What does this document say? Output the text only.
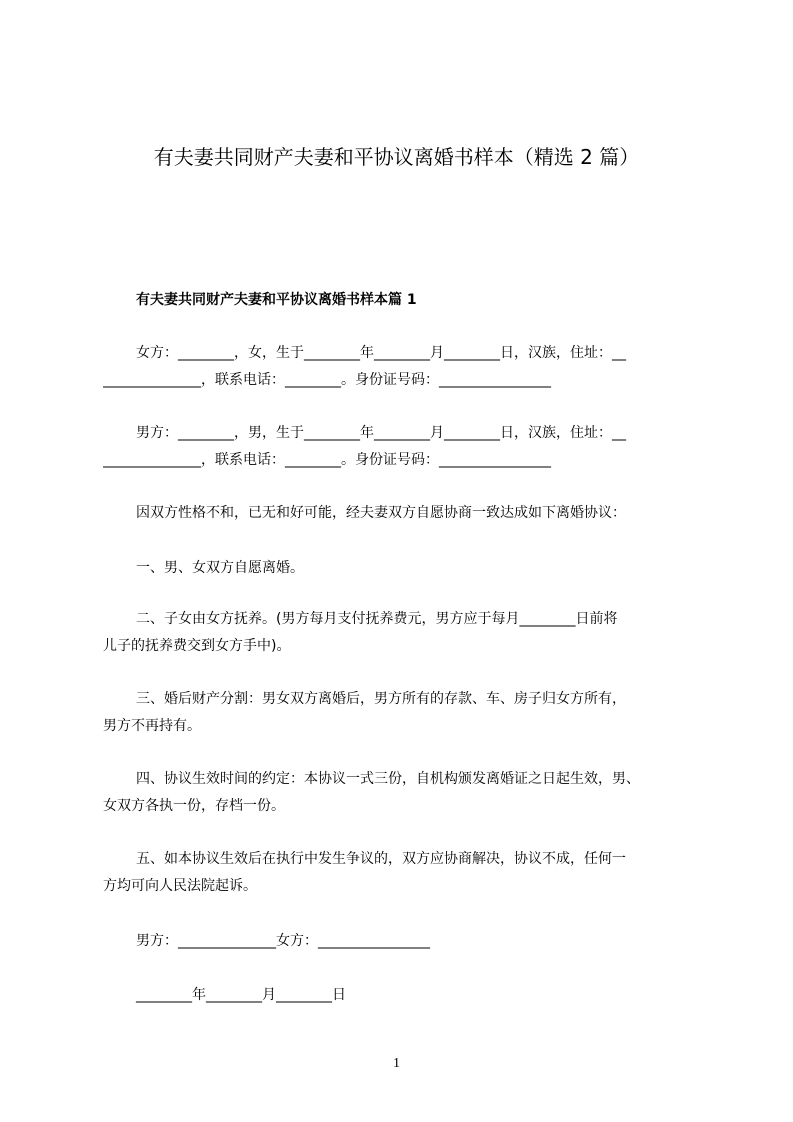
有夫妻共同财产夫妻和平协议离婚书样本（精选 2 篇）
有夫妻共同财产夫妻和平协议离婚书样本篇 1

女方：________，女，生于________年________月________日，汉族，住址：__
______________，联系电话：________。身份证号码：________________

男方：________，男，生于________年________月________日，汉族，住址：__
______________，联系电话：________。身份证号码：________________

因双方性格不和，已无和好可能，经夫妻双方自愿协商一致达成如下离婚协议：

一、男、女双方自愿离婚。

二、子女由女方抚养。(男方每月支付抚养费元，男方应于每月________日前将
儿子的抚养费交到女方手中)。

三、婚后财产分割：男女双方离婚后，男方所有的存款、车、房子归女方所有，
男方不再持有。

四、协议生效时间的约定：本协议一式三份，自机构颁发离婚证之日起生效，男、
女双方各执一份，存档一份。

五、如本协议生效后在执行中发生争议的，双方应协商解决，协议不成，任何一
方均可向人民法院起诉。

男方：______________女方：________________

________年________月________日

1
